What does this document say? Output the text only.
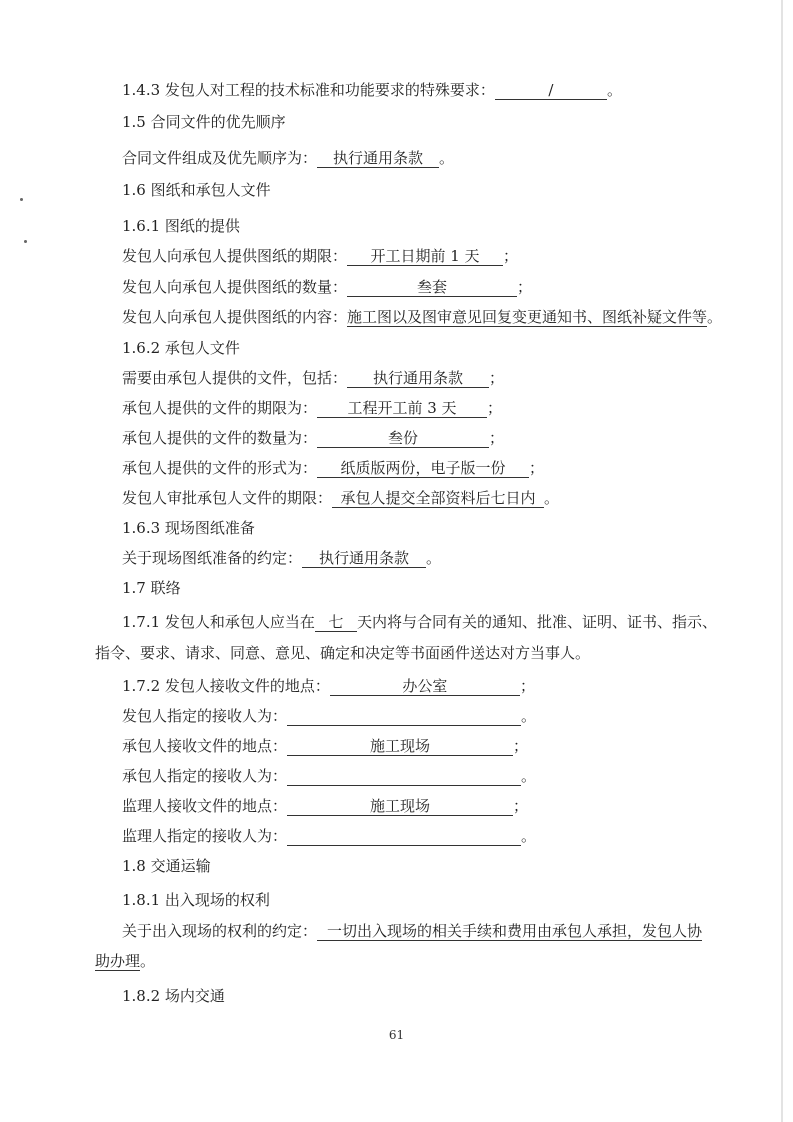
1.4.3 发包人对工程的技术标准和功能要求的特殊要求：	/	。
1.5 合同文件的优先顺序
合同文件组成及优先顺序为： 执行通用条款 。
1.6 图纸和承包人文件
1.6.1 图纸的提供
发包人向承包人提供图纸的期限： 开工日期前 1 天 ；
发包人向承包人提供图纸的数量：	叁套	；
发包人向承包人提供图纸的内容：施工图以及图审意见回复变更通知书、图纸补疑文件等。
1.6.2 承包人文件
需要由承包人提供的文件，包括： 执行通用条款 ；
承包人提供的文件的期限为： 工程开工前 3 天 ；
承包人提供的文件的数量为：	叁份	；
承包人提供的文件的形式为： 纸质版两份，电子版一份 ；
发包人审批承包人文件的期限： 承包人提交全部资料后七日内 。
1.6.3 现场图纸准备
关于现场图纸准备的约定： 执行通用条款 。
1.7 联络
1.7.1 发包人和承包人应当在 七 天内将与合同有关的通知、批准、证明、证书、指示、
指令、要求、请求、同意、意见、确定和决定等书面函件送达对方当事人。
1.7.2 发包人接收文件的地点：	办公室	；
发包人指定的接收人为：	。
承包人接收文件的地点：	施工现场	；
承包人指定的接收人为：	。
监理人接收文件的地点：	施工现场	；
监理人指定的接收人为：	。
1.8 交通运输
1.8.1 出入现场的权利
关于出入现场的权利的约定： 一切出入现场的相关手续和费用由承包人承担，发包人协
助办理。
1.8.2 场内交通
61
